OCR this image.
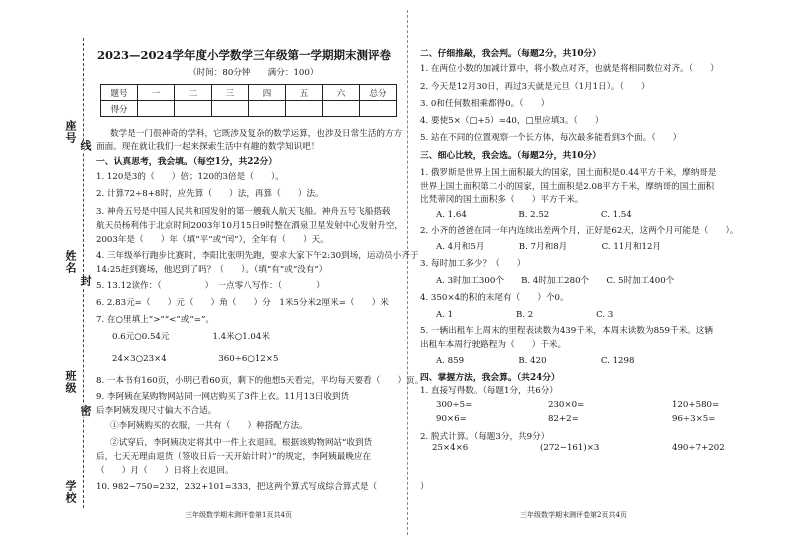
座号
姓名
班级
学校
线
封
密
2023—2024学年度小学数学三年级第一学期期末测评卷
（时间：80分钟　　满分：100）
题号	一	二	三	四	五	六	总分
得分							
数学是一门很神奇的学科，它既涉及复杂的数学运算，也涉及日常生活的方方
面面。现在就让我们一起来探索生活中有趣的数学知识吧！
一、认真思考，我会填。（每空1分，共22分）
1. 120是3的（　　）倍；120的3倍是（　　）。
2. 计算72÷8+8时，应先算（　　）法，再算（　　）法。
3. 神舟五号是中国人民共和国发射的第一艘载人航天飞船。神舟五号飞船搭载
航天员杨利伟于北京时间2003年10月15日9时整在酒泉卫星发射中心发射升空，
2003年是（　　）年（填“平”或“闰”），全年有（　　）天。
4. 三年级举行跑步比赛时，李阳比张明先跑，要求大家下午2:30到场，运动员小齐于
14:25赶到赛场，他迟到了吗？（　　）。（填“有”或“没有”）
5. 13.12读作：（　　　　　）　一点零八写作：（　　　　）
6. 2.83元=（　　）元（　　）角（　　）分　1米5分米2厘米=（　　）米
7. 在○里填上“>”“<”或“=”。
0.6元○0.54元　　　　　1.4米○1.04米
24×3○23×4　　　　　　360÷6○12×5
8. 一本书有160页，小明已看60页，剩下的他想5天看完，平均每天要看（　　）页。
9. 李阿姨在某购物网站同一网店购买了3件上衣。11月13日收到货
后李阿姨发现尺寸偏大不合适。
①李阿姨购买的衣服，一共有（　　）种搭配方法。
②试穿后，李阿姨决定将其中一件上衣退回。根据该购物网站“收到货
后，七天无理由退货（签收日后一天开始计时）”的规定，李阿姨最晚应在
（　　）月（　　）日将上衣退回。
10. 982−750=232，232+101=333，把这两个算式写成综合算式是（　　　　　）
三年级数学期末测评卷第1页共4页
二、仔细推敲，我会判。（每题2分，共10分）
1. 在两位小数的加减计算中，将小数点对齐，也就是将相同数位对齐。（　　）
2. 今天是12月30日，再过3天就是元旦（1月1日）。（　　）
3. 0和任何数相乘都得0。（　　）
4. 要使5×（□+5）=40，□里应填3。（　　）
5. 站在不同的位置观察一个长方体，每次最多能看到3个面。（　　）
三、细心比较，我会选。（每题2分，共10分）
1. 俄罗斯是世界上国土面积最大的国家，国土面积是0.44平方千米，摩纳哥是
世界上国土面积第二小的国家，国土面积是2.08平方千米，摩纳哥的国土面积
比梵蒂冈的国土面积多（　　）平方千米。
A. 1.64　　　　　　B. 2.52　　　　　　C. 1.54
2. 小齐的爸爸在同一年内连续出差两个月，正好是62天，这两个月可能是（　　）。
A. 4月和5月　　　　B. 7月和8月　　　　C. 11月和12月
3. 每时加工多少？（　　）
A. 3时加工300个　　B. 4时加工280个　　C. 5时加工400个
4. 350×4的积的末尾有（　　）个0。
A. 1　　　　　　　 B. 2　　　　　　　 C. 3
5. 一辆出租车上周末的里程表读数为439千米，本周末读数为859千米。这辆
出租车本周行驶路程为（　　）千米。
A. 859　　　　　　 B. 420　　　　　　 C. 1298
四、掌握方法，我会算。（共24分）
1. 直接写得数。（每题1分，共6分）
300÷5=	230×0=	120+580=
90×6=	82+2=	96÷3×5=
2. 脱式计算。（每题3分，共9分）
25×4×6	(272−161)×3	490÷7+202
三年级数学期末测评卷第2页共4页
